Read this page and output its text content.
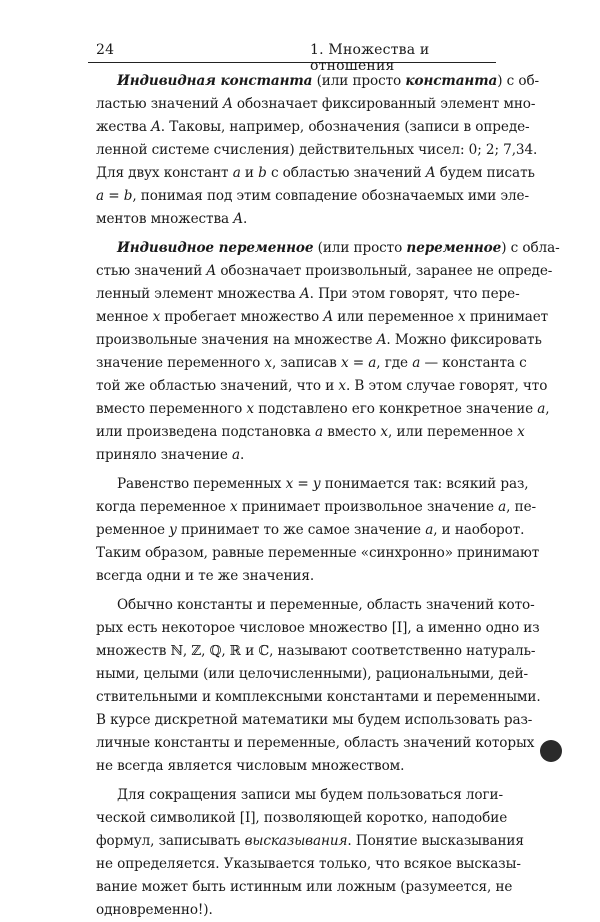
24	1. Множества и отношения
Индивидная константа (или просто константа) с об-
ластью значений A обозначает фиксированный элемент мно-
жества A. Таковы, например, обозначения (записи в опреде-
ленной системе счисления) действительных чисел: 0; 2; 7,34.
Для двух констант a и b с областью значений A будем писать
a = b, понимая под этим совпадение обозначаемых ими эле-
ментов множества A.
Индивидное переменное (или просто переменное) с обла-
стью значений A обозначает произвольный, заранее не опреде-
ленный элемент множества A. При этом говорят, что пере-
менное x пробегает множество A или переменное x принимает
произвольные значения на множестве A. Можно фиксировать
значение переменного x, записав x = a, где a — константа с
той же областью значений, что и x. В этом случае говорят, что
вместо переменного x подставлено его конкретное значение a,
или произведена подстановка a вместо x, или переменное x
приняло значение a.
Равенство переменных x = y понимается так: всякий раз,
когда переменное x принимает произвольное значение a, пе-
ременное y принимает то же самое значение a, и наоборот.
Таким образом, равные переменные «синхронно» принимают
всегда одни и те же значения.
Обычно константы и переменные, область значений кото-
рых есть некоторое числовое множество [I], а именно одно из
множеств ℕ, ℤ, ℚ, ℝ и ℂ, называют соответственно натураль-
ными, целыми (или целочисленными), рациональными, дей-
ствительными и комплексными константами и переменными.
В курсе дискретной математики мы будем использовать раз-
личные константы и переменные, область значений которых
не всегда является числовым множеством.
Для сокращения записи мы будем пользоваться логи-
ческой символикой [I], позволяющей коротко, наподобие
формул, записывать высказывания. Понятие высказывания
не определяется. Указывается только, что всякое высказы-
вание может быть истинным или ложным (разумеется, не
одновременно!).
